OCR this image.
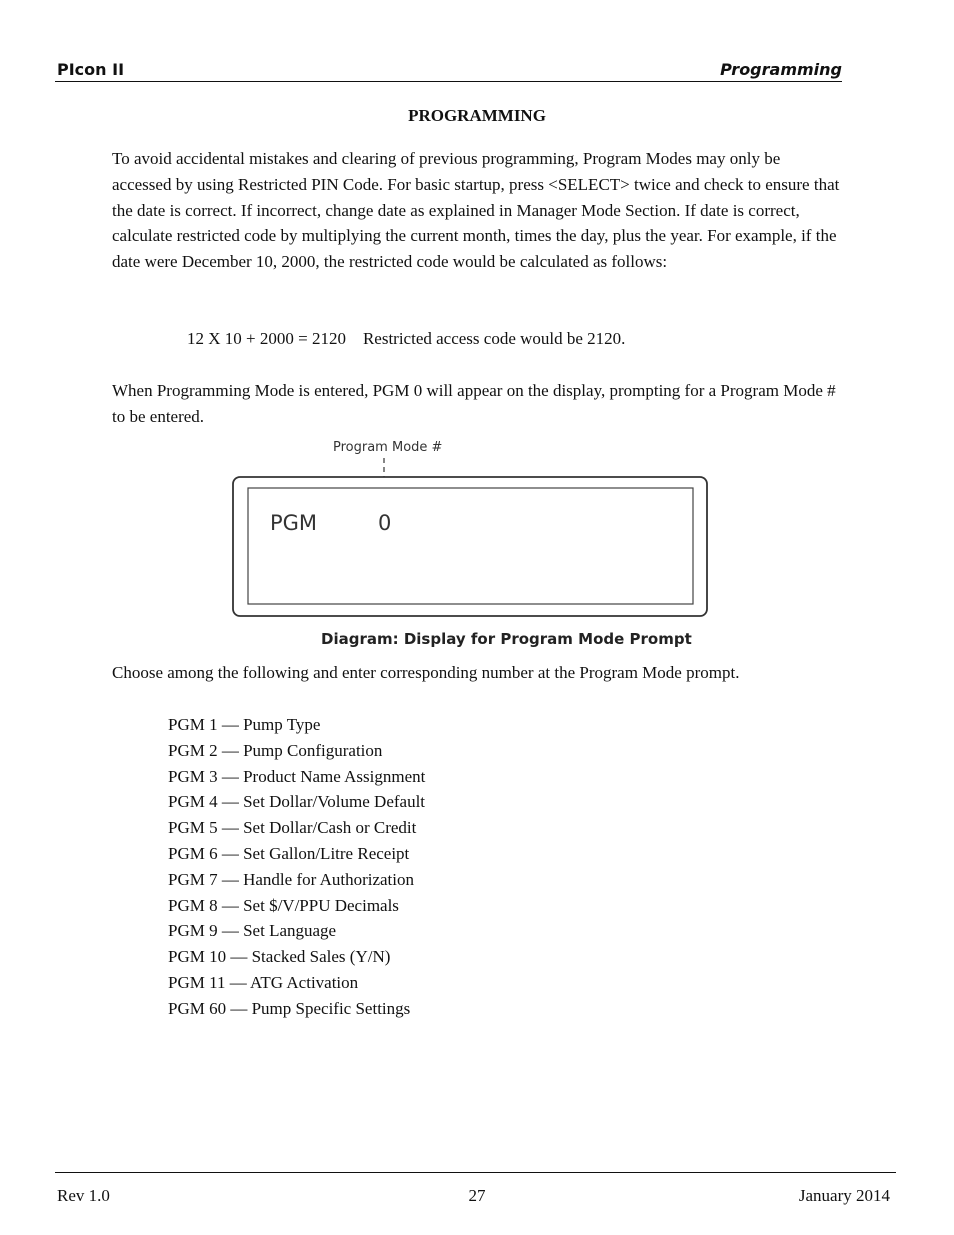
PIcon II	Programming
PROGRAMMING

To avoid accidental mistakes and clearing of previous programming, Program Modes may only be accessed by using Restricted PIN Code. For basic startup, press <SELECT> twice and check to ensure that the date is correct. If incorrect, change date as explained in Manager Mode Section. If date is correct, calculate restricted code by multiplying the current month, times the day, plus the year. For example, if the date were December 10, 2000, the restricted code would be calculated as follows:

12 X 10 + 2000 = 2120    Restricted access code would be 2120.

When Programming Mode is entered, PGM 0 will appear on the display, prompting for a Program Mode # to be entered.

Program Mode #
PGM	0
Diagram: Display for Program Mode Prompt

Choose among the following and enter corresponding number at the Program Mode prompt.

PGM 1 — Pump Type
PGM 2 — Pump Configuration
PGM 3 — Product Name Assignment
PGM 4 — Set Dollar/Volume Default
PGM 5 — Set Dollar/Cash or Credit
PGM 6 — Set Gallon/Litre Receipt
PGM 7 — Handle for Authorization
PGM 8 — Set $/V/PPU Decimals
PGM 9 — Set Language
PGM 10 — Stacked Sales (Y/N)
PGM 11 — ATG Activation
PGM 60 — Pump Specific Settings
Rev 1.0	27	January 2014
